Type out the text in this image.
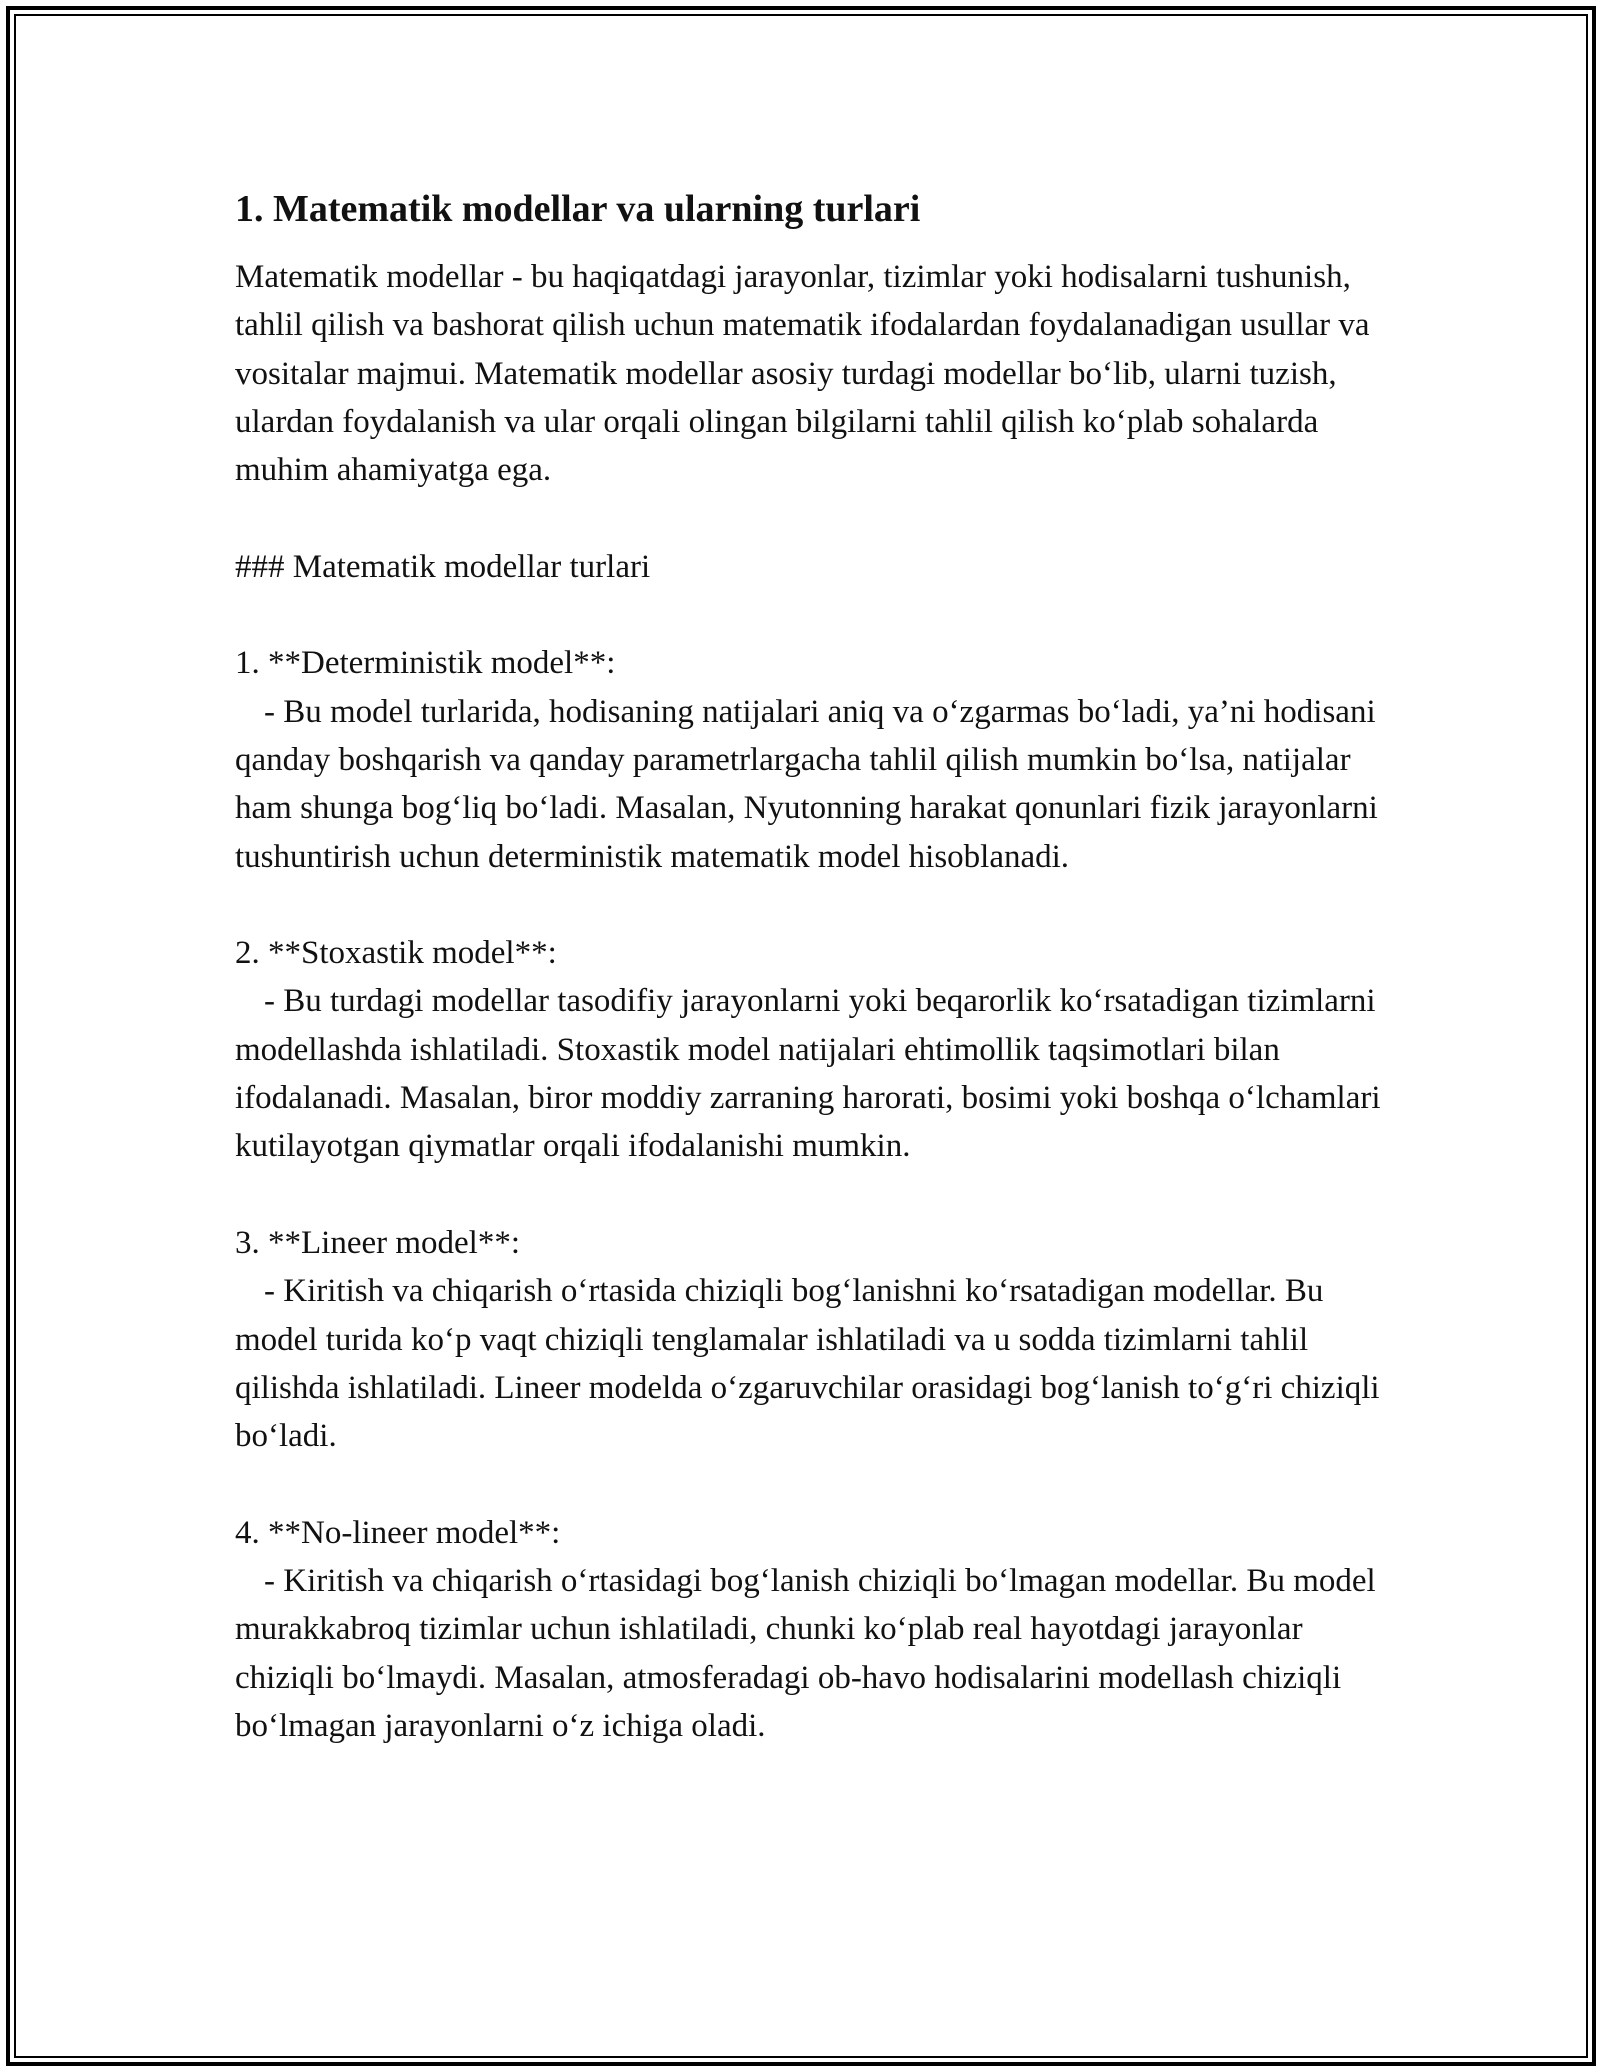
1. Matematik modellar va ularning turlari

Matematik modellar - bu haqiqatdagi jarayonlar, tizimlar yoki hodisalarni tushunish, tahlil qilish va bashorat qilish uchun matematik ifodalardan foydalanadigan usullar va vositalar majmui. Matematik modellar asosiy turdagi modellar bo‘lib, ularni tuzish, ulardan foydalanish va ular orqali olingan bilgilarni tahlil qilish ko‘plab sohalarda muhim ahamiyatga ega.

### Matematik modellar turlari

1. **Deterministik model**:

- Bu model turlarida, hodisaning natijalari aniq va o‘zgarmas bo‘ladi, ya’ni hodisani qanday boshqarish va qanday parametrlargacha tahlil qilish mumkin bo‘lsa, natijalar ham shunga bog‘liq bo‘ladi. Masalan, Nyutonning harakat qonunlari fizik jarayonlarni tushuntirish uchun deterministik matematik model hisoblanadi.

2. **Stoxastik model**:

- Bu turdagi modellar tasodifiy jarayonlarni yoki beqarorlik ko‘rsatadigan tizimlarni modellashda ishlatiladi. Stoxastik model natijalari ehtimollik taqsimotlari bilan ifodalanadi. Masalan, biror moddiy zarraning harorati, bosimi yoki boshqa o‘lchamlari kutilayotgan qiymatlar orqali ifodalanishi mumkin.

3. **Lineer model**:

- Kiritish va chiqarish o‘rtasida chiziqli bog‘lanishni ko‘rsatadigan modellar. Bu model turida ko‘p vaqt chiziqli tenglamalar ishlatiladi va u sodda tizimlarni tahlil qilishda ishlatiladi. Lineer modelda o‘zgaruvchilar orasidagi bog‘lanish to‘g‘ri chiziqli bo‘ladi.

4. **No-lineer model**:

- Kiritish va chiqarish o‘rtasidagi bog‘lanish chiziqli bo‘lmagan modellar. Bu model murakkabroq tizimlar uchun ishlatiladi, chunki ko‘plab real hayotdagi jarayonlar chiziqli bo‘lmaydi. Masalan, atmosferadagi ob-havo hodisalarini modellash chiziqli bo‘lmagan jarayonlarni o‘z ichiga oladi.
